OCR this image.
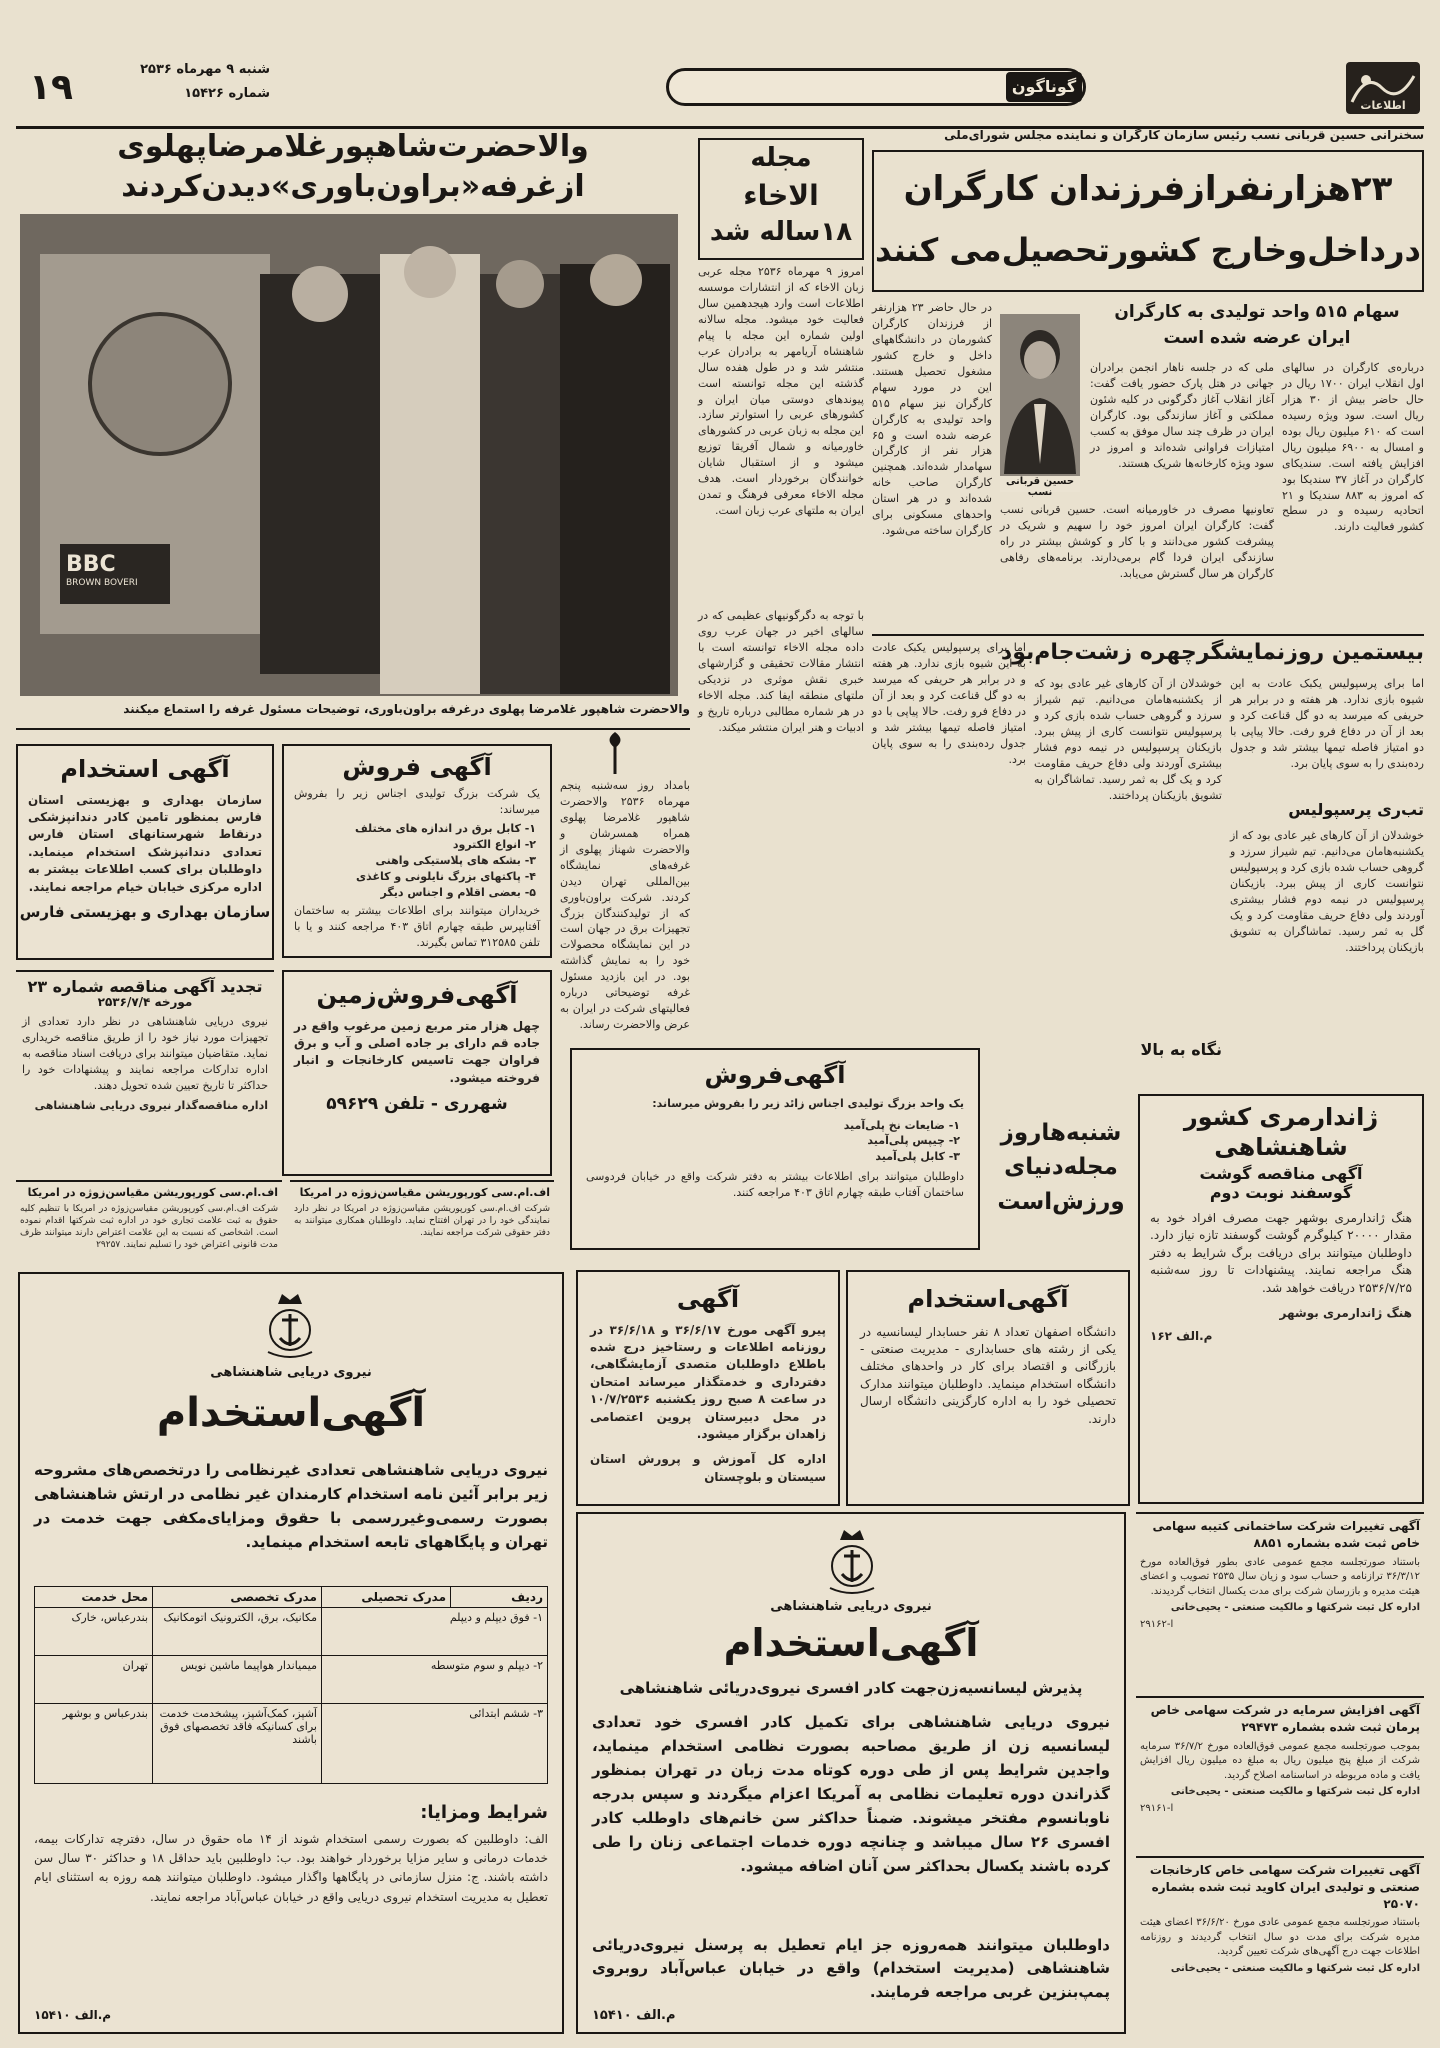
۱۹	شنبه ۹ مهرماه ۲۵۳۶
شماره ۱۵۴۲۶	گوناگون
اطلاعات
سخنرانی حسین قربانی نسب رئیس سازمان کارگران و نماینده مجلس شورای‌ملی
۲۳هزارنفرازفرزندان کارگران
درداخل‌وخارج کشورتحصیل‌می کنند
سهام ۵۱۵ واحد تولیدی به کارگران ایران عرضه شده است
حسین قربانی نسب
درباره‌ی کارگران در سالهای اول انقلاب ایران ۱۷۰۰ ریال در حال حاضر بیش از ۳۰ هزار ریال است. سود ویژه رسیده است که ۶۱۰ میلیون ریال بوده و امسال به ۶۹۰۰ میلیون ریال افزایش یافته است. سندیکای کارگران در آغاز ۳۷ سندیکا بود که امروز به ۸۸۳ سندیکا و ۲۱ اتحادیه رسیده و در سطح کشور فعالیت دارند.
ملی که در جلسه ناهار انجمن برادران جهانی در هتل پارک حضور یافت گفت: آغاز انقلاب آغاز دگرگونی در کلیه شئون مملکتی و آغاز سازندگی بود. کارگران ایران در ظرف چند سال موفق به کسب امتیازات فراوانی شده‌اند و امروز در سود ویژه کارخانه‌ها شریک هستند.
تعاونیها مصرف در خاورمیانه است. حسین قربانی نسب گفت: کارگران ایران امروز خود را سهیم و شریک در پیشرفت کشور می‌دانند و با کار و کوشش بیشتر در راه سازندگی ایران فردا گام برمی‌دارند. برنامه‌های رفاهی کارگران هر سال گسترش می‌یابد.
در حال حاضر ۲۳ هزارنفر از فرزندان کارگران کشورمان در دانشگاههای داخل و خارج کشور مشغول تحصیل هستند. این در مورد سهام کارگران نیز سهام ۵۱۵ واحد تولیدی به کارگران عرضه شده است و ۶۵ هزار نفر از کارگران سهامدار شده‌اند. همچنین کارگران صاحب خانه شده‌اند و در هر استان واحدهای مسکونی برای کارگران ساخته می‌شود.
مجله
الاخاء
۱۸ساله شد
امروز ۹ مهرماه ۲۵۳۶ مجله عربی زبان الاخاء که از انتشارات موسسه اطلاعات است وارد هیجدهمین سال فعالیت خود میشود. مجله سالانه اولین شماره این مجله با پیام شاهنشاه آریامهر به برادران عرب منتشر شد و در طول هفده سال گذشته این مجله توانسته است پیوندهای دوستی میان ایران و کشورهای عربی را استوارتر سازد. این مجله به زبان عربی در کشورهای خاورمیانه و شمال آفریقا توزیع میشود و از استقبال شایان خوانندگان برخوردار است. هدف مجله الاخاء معرفی فرهنگ و تمدن ایران به ملتهای عرب زبان است.
با توجه به دگرگونیهای عظیمی که در سالهای اخیر در جهان عرب روی داده مجله الاخاء توانسته است با انتشار مقالات تحقیقی و گزارشهای خبری نقش موثری در نزدیکی ملتهای منطقه ایفا کند. مجله الاخاء در هر شماره مطالبی درباره تاریخ و ادبیات و هنر ایران منتشر میکند.
والاحضرت‌شاهپورغلامرضاپهلوی
ازغرفه«براون‌باوری»دیدن‌کردند
BBC
BROWN BOVERI
والاحضرت شاهپور غلامرضا پهلوی درغرفه براون‌باوری، توضیحات مسئول غرفه را استماع میکنند
بیستمین روزنمایشگرچهره زشت‌جام‌بود
اما برای پرسپولیس یکبک عادت به این شیوه بازی ندارد. هر هفته و در برابر هر حریفی که میرسد به دو گل قناعت کرد و بعد از آن در دفاع فرو رفت. حالا پیاپی با دو امتیاز فاصله تیمها بیشتر شد و جدول رده‌بندی را به سوی پایان برد.
تب‌ری پرسپولیس
خوشدلان از آن کارهای غیر عادی بود که از یکشنبه‌هامان می‌دانیم. تیم شیراز سرزد و گروهی حساب شده بازی کرد و پرسپولیس نتوانست کاری از پیش ببرد. بازیکنان پرسپولیس در نیمه دوم فشار بیشتری آوردند ولی دفاع حریف مقاومت کرد و یک گل به ثمر رسید. تماشاگران به تشویق بازیکنان پرداختند.
خوشدلان از آن کارهای غیر عادی بود که از یکشنبه‌هامان می‌دانیم. تیم شیراز سرزد و گروهی حساب شده بازی کرد و پرسپولیس نتوانست کاری از پیش ببرد. بازیکنان پرسپولیس در نیمه دوم فشار بیشتری آوردند ولی دفاع حریف مقاومت کرد و یک گل به ثمر رسید. تماشاگران به تشویق بازیکنان پرداختند.
نگاه به بالا
اما برای پرسپولیس یکبک عادت به این شیوه بازی ندارد. هر هفته و در برابر هر حریفی که میرسد به دو گل قناعت کرد و بعد از آن در دفاع فرو رفت. حالا پیاپی با دو امتیاز فاصله تیمها بیشتر شد و جدول رده‌بندی را به سوی پایان برد.
بامداد روز سه‌شنبه پنجم مهرماه ۲۵۳۶ والاحضرت شاهپور غلامرضا پهلوی همراه همسرشان و والاحضرت شهناز پهلوی از غرفه‌های نمایشگاه بین‌المللی تهران دیدن کردند. شرکت براون‌باوری که از تولیدکنندگان بزرگ تجهیزات برق در جهان است در این نمایشگاه محصولات خود را به نمایش گذاشته بود. در این بازدید مسئول غرفه توضیحاتی درباره فعالیتهای شرکت در ایران به عرض والاحضرت رساند.
آگهی استخدام
سازمان بهداری و بهزیستی استان فارس بمنظور تامین کادر دندانپزشکی درنقاط شهرستانهای استان فارس تعدادی دندانپزشک استخدام مینماید. داوطلبان برای کسب اطلاعات بیشتر به اداره مرکزی خیابان خیام مراجعه نمایند.
سازمان بهداری و بهزیستی فارس
تجدید آگهی مناقصه شماره ۲۳
مورخه ۲۵۳۶/۷/۴
نیروی دریایی شاهنشاهی در نظر دارد تعدادی از تجهیزات مورد نیاز خود را از طریق مناقصه خریداری نماید. متقاضیان میتوانند برای دریافت اسناد مناقصه به اداره تدارکات مراجعه نمایند و پیشنهادات خود را حداکثر تا تاریخ تعیین شده تحویل دهند.
اداره مناقصه‌گذار نیروی دریایی شاهنشاهی
آگهی‌ فروش
یک شرکت بزرگ تولیدی اجناس زیر را بفروش میرساند:
۱- کابل برق در اندازه های مختلف
۲- انواع الکترود
۳- بشکه های پلاستیکی واهنی
۴- پاکتهای بزرگ نایلونی و کاغذی
۵- بعضی اقلام و اجناس دیگر
خریداران میتوانند برای اطلاعات بیشتر به ساختمان آفتابپرس طبقه چهارم اتاق ۴۰۳ مراجعه کنند و یا با تلفن ۳۱۲۵۸۵ تماس بگیرند.
آگهی‌فروش‌زمین
چهل هزار متر مربع زمین مرغوب واقع در جاده قم دارای بر جاده اصلی و آب و برق فراوان جهت تاسیس کارخانجات و انبار فروخته میشود.
شهرری - تلفن ۵۹۶۲۹
اف.ام.سی کورپوریشن مقیاسن‌زوژه در امریکا
شرکت اف.ام.سی کورپوریشن مقیاسن‌زوژه در امریکا با تنظیم کلیه حقوق به ثبت علامت تجاری خود در اداره ثبت شرکتها اقدام نموده است. اشخاصی که نسبت به این علامت اعتراض دارند میتوانند ظرف مدت قانونی اعتراض خود را تسلیم نمایند. ۲۹۲۵۷
اف.ام.سی کورپوریشن مقیاسن‌زوژه در امریکا
شرکت اف.ام.سی کورپوریشن مقیاسن‌زوژه در امریکا در نظر دارد نمایندگی خود را در تهران افتتاح نماید. داوطلبان همکاری میتوانند به دفتر حقوقی شرکت مراجعه نمایند.
آگهی‌فروش
یک واحد بزرگ تولیدی اجناس زائد زیر را بفروش میرساند:
۱- ضایعات نخ پلی‌آمید
۲- چیپس پلی‌آمید
۳- کابل پلی‌آمید
داوطلبان میتوانند برای اطلاعات بیشتر به دفتر شرکت واقع در خیابان فردوسی ساختمان آفتاب طبقه چهارم اتاق ۴۰۳ مراجعه کنند.
شنبه‌هاروز
مجله‌دنیای
ورزش‌است
ژاندارمری کشور
شاهنشاهی
آگهی مناقصه گوشت
گوسفند نوبت دوم
هنگ ژاندارمری بوشهر جهت مصرف افراد خود به مقدار ۲۰۰۰۰ کیلوگرم گوشت گوسفند تازه نیاز دارد. داوطلبان میتوانند برای دریافت برگ شرایط به دفتر هنگ مراجعه نمایند. پیشنهادات تا روز سه‌شنبه ۲۵۳۶/۷/۲۵ دریافت خواهد شد.
هنگ ژاندارمری بوشهر
م.الف ۱۶۲
آگهی‌استخدام
دانشگاه اصفهان تعداد ۸ نفر حسابدار لیسانسیه در یکی از رشته های حسابداری - مدیریت صنعتی - بازرگانی و اقتصاد برای کار در واحدهای مختلف دانشگاه استخدام مینماید. داوطلبان میتوانند مدارک تحصیلی خود را به اداره کارگزینی دانشگاه ارسال دارند.
آگهی
پیرو آگهی مورخ ۳۶/۶/۱۷ و ۳۶/۶/۱۸ در روزنامه اطلاعات و رستاخیز درج شده باطلاع داوطلبان متصدی آزمایشگاهی، دفترداری و خدمتگذار میرساند امتحان در ساعت ۸ صبح روز یکشنبه ۱۰/۷/۲۵۳۶ در محل دبیرستان پروین اعتصامی زاهدان برگزار میشود.
اداره کل آموزش و پرورش استان سیستان و بلوچستان
نیروی دریایی شاهنشاهی
آگهی‌استخدام
نیروی دریایی شاهنشاهی تعدادی غیرنظامی را درتخصص‌های مشروحه زیر برابر آئین نامه استخدام کارمندان غیر نظامی در ارتش شاهنشاهی بصورت رسمی‌وغیررسمی با حقوق ومزایای‌مکفی جهت خدمت در تهران و پایگاههای تابعه استخدام مینماید.
ردیف	مدرک تحصیلی	مدرک تخصصی	محل خدمت
۱- فوق دیپلم و دیپلم		مکانیک، برق، الکترونیک اتومکانیک	بندرعباس، خارک
۲- دیپلم و سوم متوسطه		میمیاندار هواپیما ماشین نویس	تهران
۳- ششم ابتدائی		آشپز، کمک‌آشپز، پیشخدمت خدمت برای کسانیکه فاقد تخصصهای فوق باشند	بندرعباس و بوشهر
شرایط ومزایا:
الف: داوطلبین که بصورت رسمی استخدام شوند از ۱۴ ماه حقوق در سال، دفترچه تدارکات بیمه، خدمات درمانی و سایر مزایا برخوردار خواهند بود. ب: داوطلبین باید حداقل ۱۸ و حداکثر ۳۰ سال سن داشته باشند. ج: منزل سازمانی در پایگاهها واگذار میشود. داوطلبان میتوانند همه روزه به استثنای ایام تعطیل به مدیریت استخدام نیروی دریایی واقع در خیابان عباس‌آباد مراجعه نمایند.
م.الف ۱۵۴۱۰
نیروی دریایی شاهنشاهی
آگهی‌استخدام
پذیرش لیسانسیه‌زن‌جهت کادر افسری نیروی‌دریائی شاهنشاهی
نیروی دریایی شاهنشاهی برای تکمیل کادر افسری خود تعدادی لیسانسیه زن از طریق مصاحبه بصورت نظامی استخدام مینماید، واجدین شرایط پس از طی دوره کوتاه مدت زبان در تهران بمنظور گذراندن دوره تعلیمات نظامی به آمریکا اعزام میگردند و سپس بدرجه ناوبانسوم مفتخر میشوند. ضمناً حداکثر سن خانم‌های داوطلب کادر افسری ۲۶ سال میباشد و چنانچه دوره خدمات اجتماعی زنان را طی کرده باشند یکسال بحداکثر سن آنان اضافه میشود.
داوطلبان میتوانند همه‌روزه جز ایام تعطیل به پرسنل نیروی‌دریائی شاهنشاهی (مدیریت استخدام) واقع در خیابان عباس‌آباد روبروی پمپ‌بنزین غربی مراجعه فرمایند.
م.الف ۱۵۴۱۰
آگهی تغییرات شرکت ساختمانی کتیبه سهامی خاص ثبت شده بشماره ۸۸۵۱
باستناد صورتجلسه مجمع عمومی عادی بطور فوق‌العاده مورخ ۳۶/۳/۱۲ ترازنامه و حساب سود و زیان سال ۲۵۳۵ تصویب و اعضای هیئت مدیره و بازرسان شرکت برای مدت یکسال انتخاب گردیدند.
اداره کل ثبت شرکتها و مالکیت صنعتی - یحیی‌خانی
ا-۲۹۱۶۲
آگهی افزایش سرمایه در شرکت سهامی خاص پرمان ثبت شده بشماره ۲۹۴۷۳
بموجب صورتجلسه مجمع عمومی فوق‌العاده مورخ ۳۶/۷/۲ سرمایه شرکت از مبلغ پنج میلیون ریال به مبلغ ده میلیون ریال افزایش یافت و ماده مربوطه در اساسنامه اصلاح گردید.
اداره کل ثبت شرکتها و مالکیت صنعتی - یحیی‌خانی
ا-۲۹۱۶۱
آگهی تغییرات شرکت سهامی خاص کارخانجات صنعتی و تولیدی ایران کاوید ثبت شده بشماره ۲۵۰۷۰
باستناد صورتجلسه مجمع عمومی عادی مورخ ۳۶/۶/۲۰ اعضای هیئت مدیره شرکت برای مدت دو سال انتخاب گردیدند و روزنامه اطلاعات جهت درج آگهی‌های شرکت تعیین گردید.
اداره کل ثبت شرکتها و مالکیت صنعتی - یحیی‌خانی
